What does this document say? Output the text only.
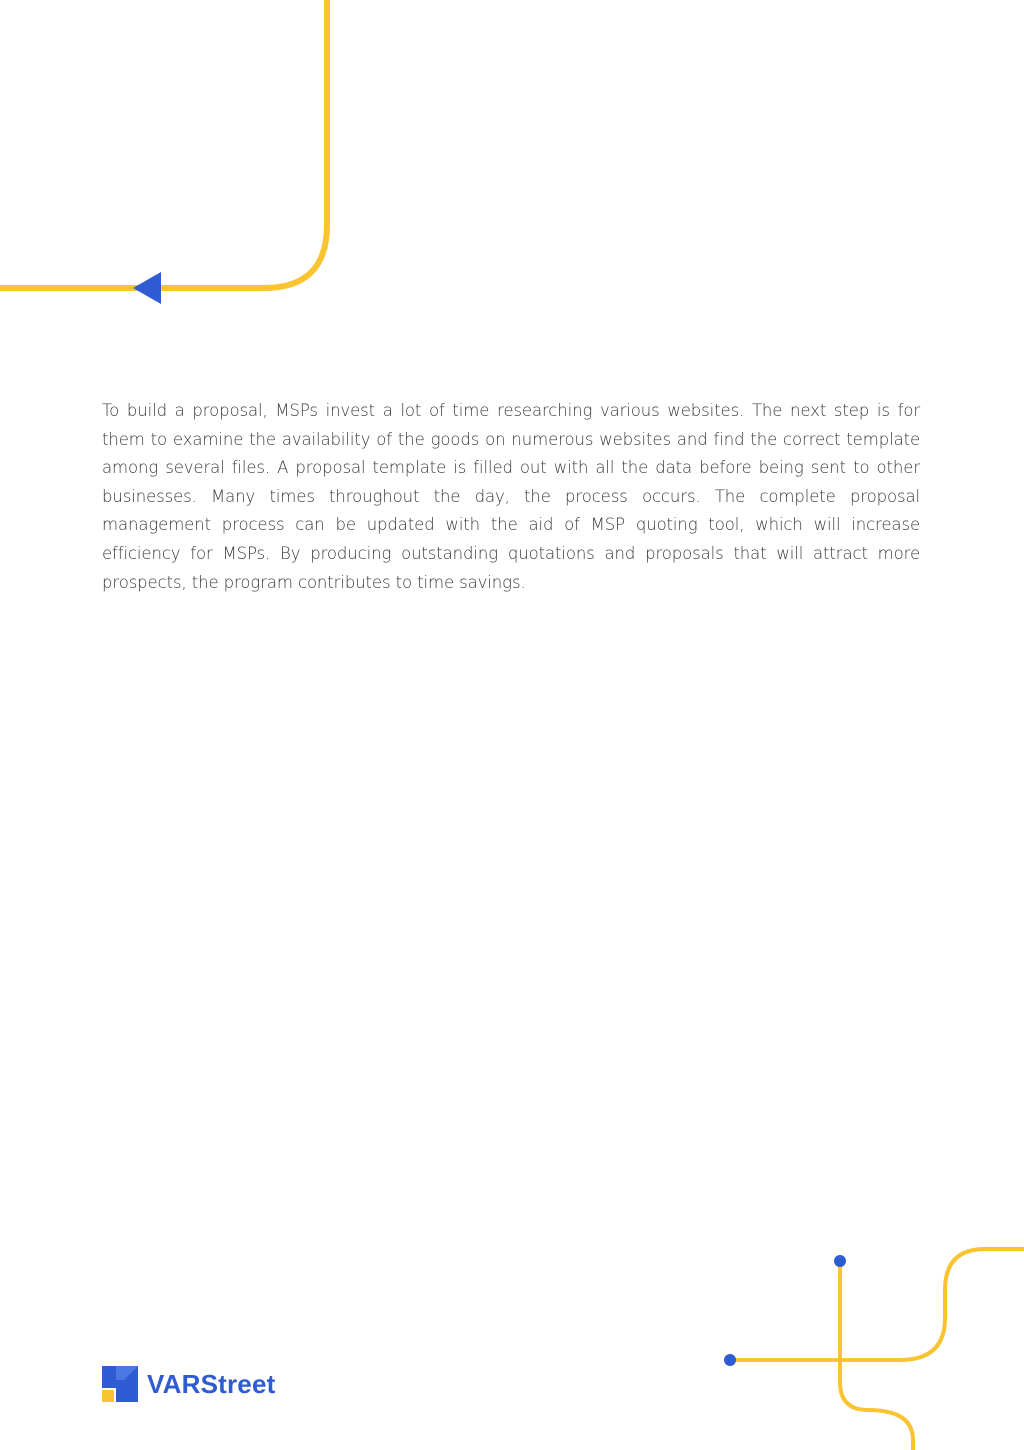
To build a proposal, MSPs invest a lot of time researching various websites. The next step is for them to examine the availability of the goods on numerous websites and find the correct template among several files. A proposal template is filled out with all the data before being sent to other businesses. Many times throughout the day, the process occurs. The complete proposal management process can be updated with the aid of MSP quoting tool, which will increase efficiency for MSPs. By producing outstanding quotations and proposals that will attract more prospects, the program contributes to time savings.

VARStreet
